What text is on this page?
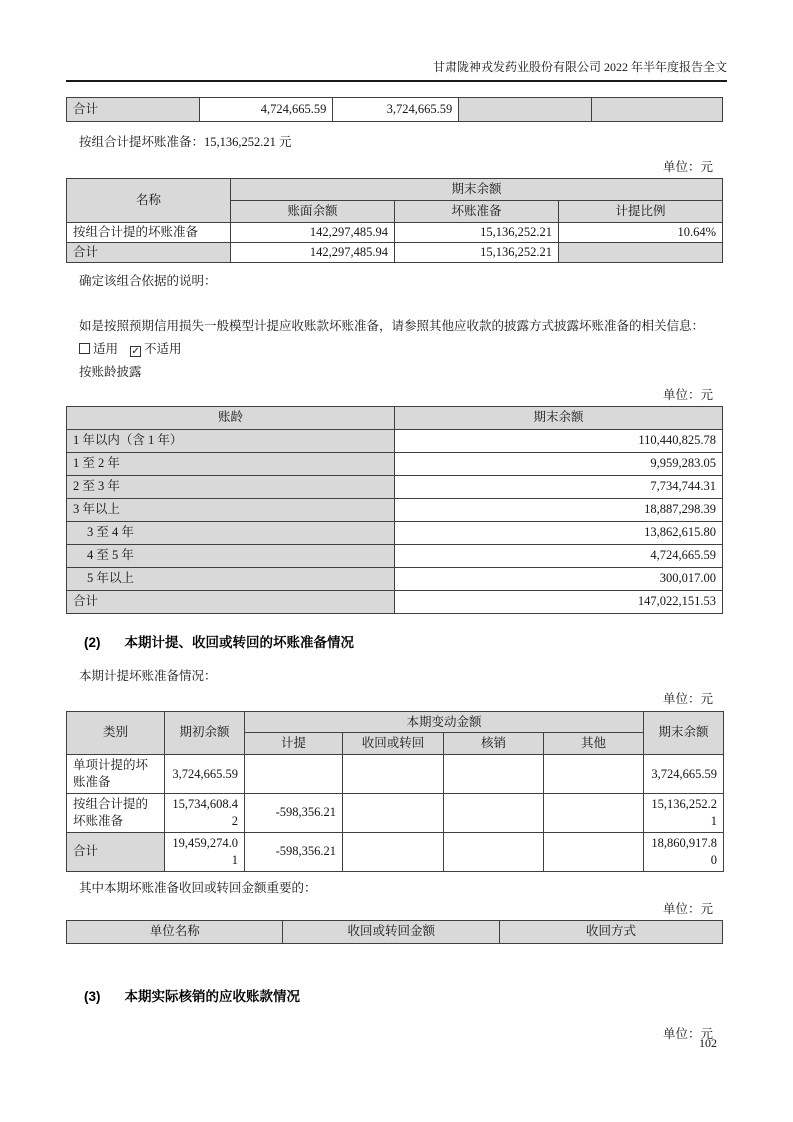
甘肃陇神戎发药业股份有限公司 2022 年半年度报告全文
合计	4,724,665.59	3,724,665.59		

按组合计提坏账准备：15,136,252.21 元

单位：元
名称	期末余额		
	账面余额	坏账准备	计提比例
按组合计提的坏账准备	142,297,485.94	15,136,252.21	10.64%
合计	142,297,485.94	15,136,252.21	

确定该组合依据的说明：

如是按照预期信用损失一般模型计提应收账款坏账准备，请参照其他应收款的披露方式披露坏账准备的相关信息：

适用 ✓ 不适用

按账龄披露

单位：元
账龄	期末余额
1 年以内（含 1 年）	110,440,825.78
1 至 2 年	9,959,283.05
2 至 3 年	7,734,744.31
3 年以上	18,887,298.39
3 至 4 年	13,862,615.80
4 至 5 年	4,724,665.59
5 年以上	300,017.00
合计	147,022,151.53
(2) 本期计提、收回或转回的坏账准备情况

本期计提坏账准备情况：

单位：元
类别	期初余额	本期变动金额				期末余额
		计提	收回或转回	核销	其他	
单项计提的坏账准备	3,724,665.59					3,724,665.59
按组合计提的坏账准备	15,734,608.42	-598,356.21				15,136,252.21
合计	19,459,274.01	-598,356.21				18,860,917.80

其中本期坏账准备收回或转回金额重要的：

单位：元
单位名称	收回或转回金额	收回方式
(3) 本期实际核销的应收账款情况
单位：元
102
